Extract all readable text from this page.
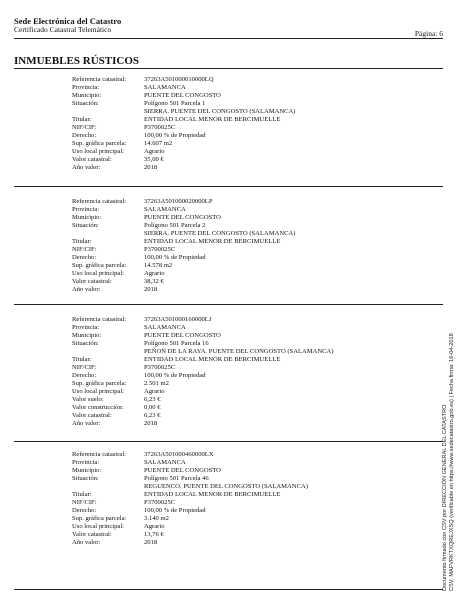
Sede Electrónica del Catastro
Certificado Catastral Telemático	Página: 6
INMUEBLES RÚSTICOS
Referencia catastral:	37263A501000010000LQ
Provincia:	SALAMANCA
Municipio:	PUENTE DEL CONGOSTO
Situación:	Polígono 501 Parcela 1
SIERRA. PUENTE DEL CONGOSTO (SALAMANCA)
Titular:	ENTIDAD LOCAL MENOR DE BERCIMUELLE
NIF/CIF:	P3700025C
Derecho:	100,00 % de Propiedad
Sup. gráfica parcela:	14.607 m2
Uso local principal:	Agrario
Valor catastral:	35,00 €
Año valor:	2018
Referencia catastral:	37263A501000020000LP
Provincia:	SALAMANCA
Municipio:	PUENTE DEL CONGOSTO
Situación:	Polígono 501 Parcela 2
SIERRA. PUENTE DEL CONGOSTO (SALAMANCA)
Titular:	ENTIDAD LOCAL MENOR DE BERCIMUELLE
NIF/CIF:	P3700025C
Derecho:	100,00 % de Propiedad
Sup. gráfica parcela:	14.578 m2
Uso local principal:	Agrario
Valor catastral:	38,32 €
Año valor:	2018
Referencia catastral:	37263A501000160000LJ
Provincia:	SALAMANCA
Municipio:	PUENTE DEL CONGOSTO
Situación:	Polígono 501 Parcela 16
PEÑON DE LA RAYA. PUENTE DEL CONGOSTO (SALAMANCA)
Titular:	ENTIDAD LOCAL MENOR DE BERCIMUELLE
NIF/CIF:	P3700025C
Derecho:	100,00 % de Propiedad
Sup. gráfica parcela:	2.501 m2
Uso local principal:	Agrario
Valor suelo:	6,23 €
Valor construcción:	0,00 €
Valor catastral:	6,23 €
Año valor:	2018
Referencia catastral:	37263A501000460000LX
Provincia:	SALAMANCA
Municipio:	PUENTE DEL CONGOSTO
Situación:	Polígono 501 Parcela 46
REGUENCO. PUENTE DEL CONGOSTO (SALAMANCA)
Titular:	ENTIDAD LOCAL MENOR DE BERCIMUELLE
NIF/CIF:	P3700025C
Derecho:	100,00 % de Propiedad
Sup. gráfica parcela:	3.140 m2
Uso local principal:	Agrario
Valor catastral:	13,76 €
Año valor:	2018	Documento firmado con CSV por DIRECCIÓN GENERAL DEL CATASTRO CSV: MAFVRKTXQREJXSQ (verificable en https://www.sedecatastro.gob.es) | Fecha firma: 16-04-2018
